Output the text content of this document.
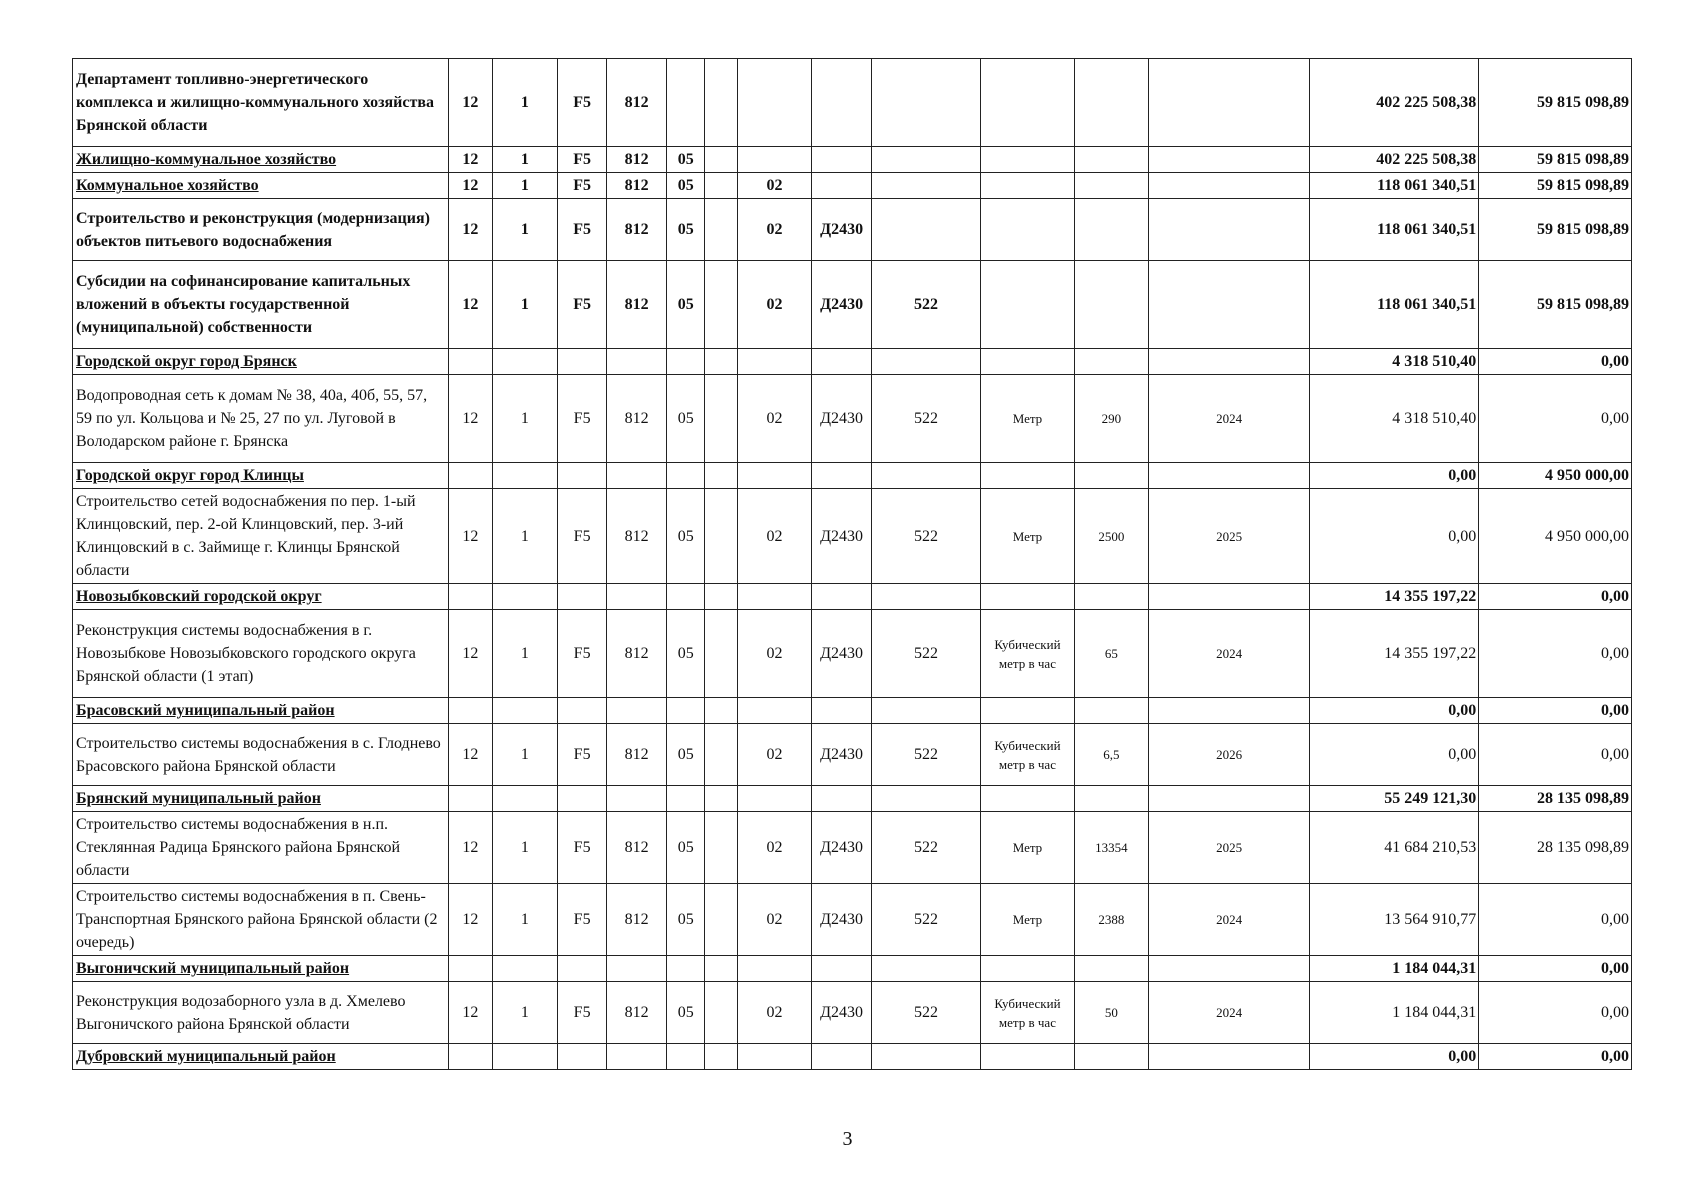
Департамент топливно-энергетического комплекса и жилищно-коммунального хозяйства Брянской области	12	1	F5	812									402 225 508,38	59 815 098,89
Жилищно-коммунальное хозяйство	12	1	F5	812	05								402 225 508,38	59 815 098,89
Коммунальное хозяйство	12	1	F5	812	05		02						118 061 340,51	59 815 098,89
Строительство и реконструкция (модернизация) объектов питьевого водоснабжения	12	1	F5	812	05		02	Д2430					118 061 340,51	59 815 098,89
Субсидии на софинансирование капитальных вложений в объекты государственной (муниципальной) собственности	12	1	F5	812	05		02	Д2430	522				118 061 340,51	59 815 098,89
Городской округ город Брянск													4 318 510,40	0,00
Водопроводная сеть к домам № 38, 40а, 40б, 55, 57, 59 по ул. Кольцова и № 25, 27 по ул. Луговой в Володарском районе г. Брянска	12	1	F5	812	05		02	Д2430	522	Метр	290	2024	4 318 510,40	0,00
Городской округ город Клинцы													0,00	4 950 000,00
Строительство сетей водоснабжения по пер. 1-ый Клинцовский, пер. 2-ой Клинцовский, пер. 3-ий Клинцовский в с. Займище г. Клинцы Брянской области	12	1	F5	812	05		02	Д2430	522	Метр	2500	2025	0,00	4 950 000,00
Новозыбковский городской округ													14 355 197,22	0,00
Реконструкция системы водоснабжения в г. Новозыбкове Новозыбковского городского округа Брянской области (1 этап)	12	1	F5	812	05		02	Д2430	522	Кубический метр в час	65	2024	14 355 197,22	0,00
Брасовский муниципальный район													0,00	0,00
Строительство системы водоснабжения в с. Глоднево Брасовского района Брянской области	12	1	F5	812	05		02	Д2430	522	Кубический метр в час	6,5	2026	0,00	0,00
Брянский муниципальный район													55 249 121,30	28 135 098,89
Строительство системы водоснабжения в н.п. Стеклянная Радица Брянского района Брянской области	12	1	F5	812	05		02	Д2430	522	Метр	13354	2025	41 684 210,53	28 135 098,89
Строительство системы водоснабжения в п. Свень-Транспортная Брянского района Брянской области (2 очередь)	12	1	F5	812	05		02	Д2430	522	Метр	2388	2024	13 564 910,77	0,00
Выгоничский муниципальный район													1 184 044,31	0,00
Реконструкция водозаборного узла в д. Хмелево Выгоничского района Брянской области	12	1	F5	812	05		02	Д2430	522	Кубический метр в час	50	2024	1 184 044,31	0,00
Дубровский муниципальный район													0,00	0,00
3
